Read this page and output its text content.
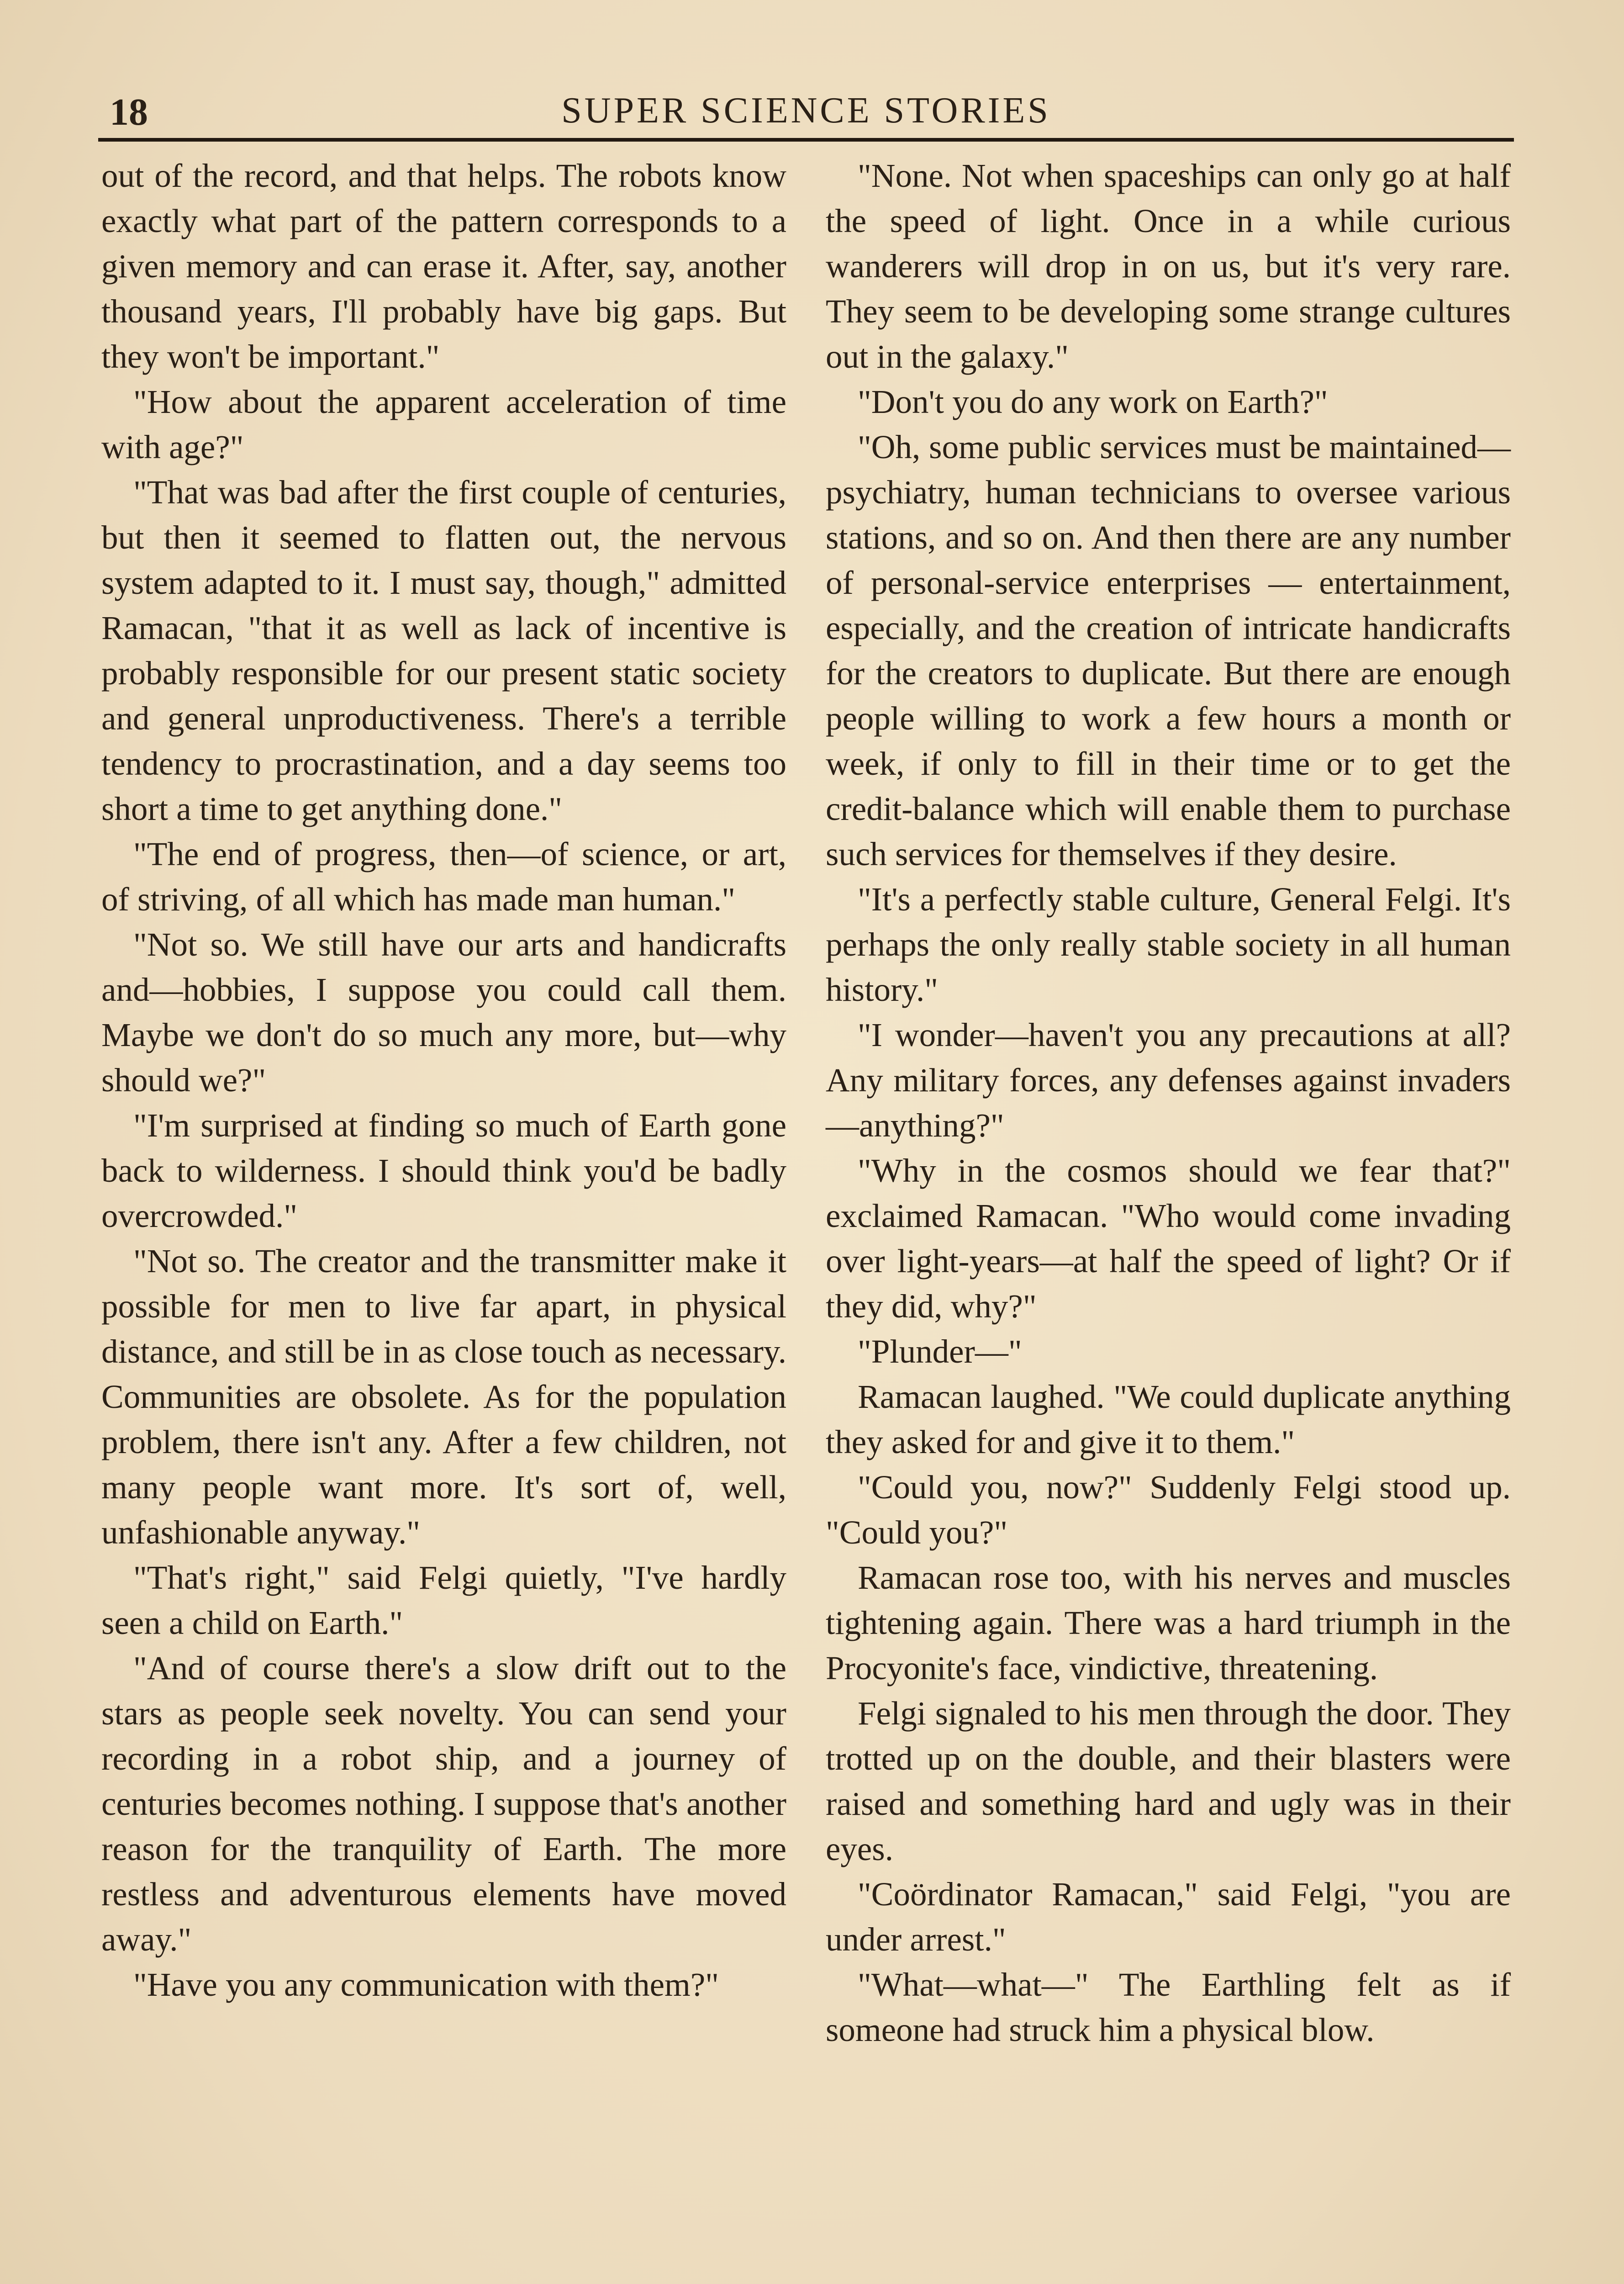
18	SUPER SCIENCE STORIES

out of the record, and that helps. The robots know exactly what part of the pattern corresponds to a given memory and can erase it. After, say, another thousand years, I'll probably have big gaps. But they won't be important."

"How about the apparent acceleration of time with age?"

"That was bad after the first couple of centuries, but then it seemed to flatten out, the nervous system adapted to it. I must say, though," admitted Ramacan, "that it as well as lack of incentive is probably responsible for our present static society and general unproductiveness. There's a terrible tendency to procrastination, and a day seems too short a time to get anything done."

"The end of progress, then—of science, or art, of striving, of all which has made man human."

"Not so. We still have our arts and handicrafts and—hobbies, I suppose you could call them. Maybe we don't do so much any more, but—why should we?"

"I'm surprised at finding so much of Earth gone back to wilderness. I should think you'd be badly overcrowded."

"Not so. The creator and the transmitter make it possible for men to live far apart, in physical distance, and still be in as close touch as necessary. Communities are obsolete. As for the population problem, there isn't any. After a few children, not many people want more. It's sort of, well, unfashionable anyway."

"That's right," said Felgi quietly, "I've hardly seen a child on Earth."

"And of course there's a slow drift out to the stars as people seek novelty. You can send your recording in a robot ship, and a journey of centuries becomes nothing. I suppose that's another reason for the tranquility of Earth. The more restless and adventurous elements have moved away."

"Have you any communication with them?"

"None. Not when spaceships can only go at half the speed of light. Once in a while curious wanderers will drop in on us, but it's very rare. They seem to be developing some strange cultures out in the galaxy."

"Don't you do any work on Earth?"

"Oh, some public services must be maintained—psychiatry, human technicians to oversee various stations, and so on. And then there are any number of personal-service enterprises — entertainment, especially, and the creation of intricate handicrafts for the creators to duplicate. But there are enough people willing to work a few hours a month or week, if only to fill in their time or to get the credit-balance which will enable them to purchase such services for themselves if they desire.

"It's a perfectly stable culture, General Felgi. It's perhaps the only really stable society in all human history."

"I wonder—haven't you any precautions at all? Any military forces, any defenses against invaders—anything?"

"Why in the cosmos should we fear that?" exclaimed Ramacan. "Who would come invading over light-years—at half the speed of light? Or if they did, why?"

"Plunder—"

Ramacan laughed. "We could duplicate anything they asked for and give it to them."

"Could you, now?" Suddenly Felgi stood up. "Could you?"

Ramacan rose too, with his nerves and muscles tightening again. There was a hard triumph in the Procyonite's face, vindictive, threatening.

Felgi signaled to his men through the door. They trotted up on the double, and their blasters were raised and something hard and ugly was in their eyes.

"Coördinator Ramacan," said Felgi, "you are under arrest."

"What—what—" The Earthling felt as if someone had struck him a physical blow.
